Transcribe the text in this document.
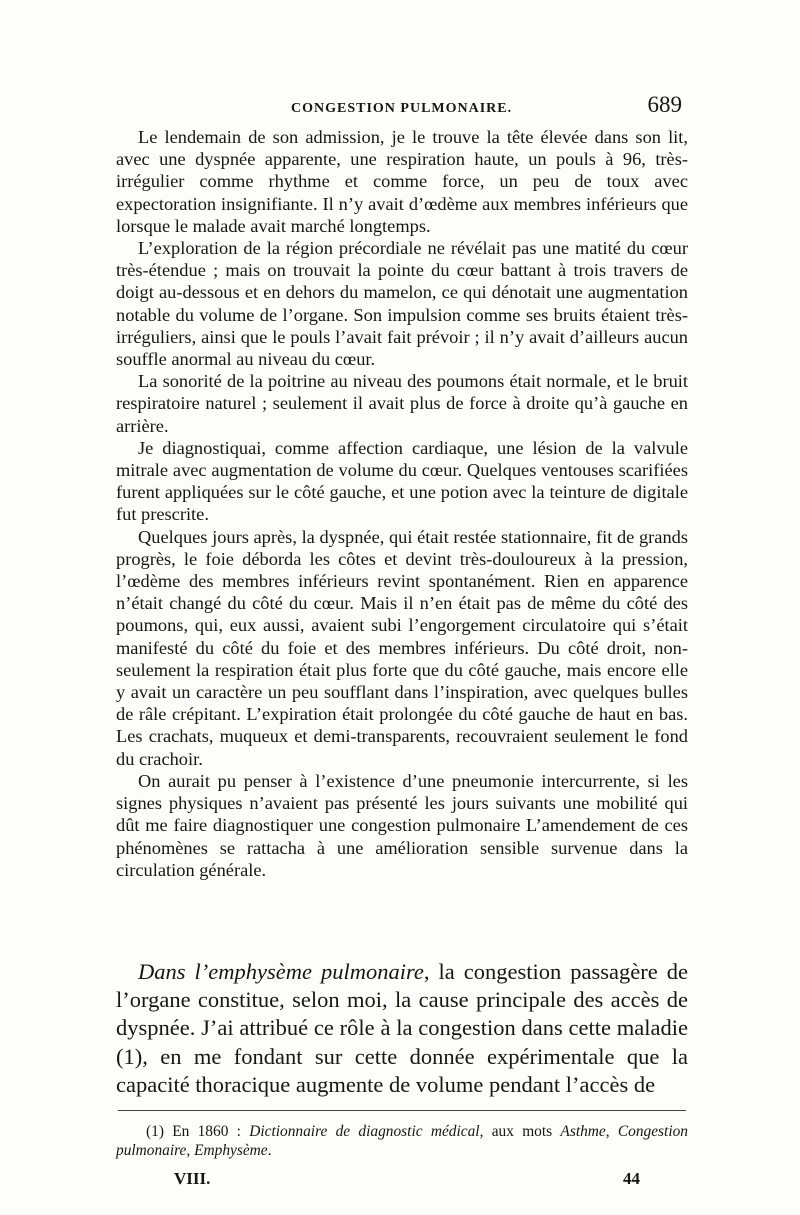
CONGESTION PULMONAIRE.	689

Le lendemain de son admission, je le trouve la tête élevée dans son lit, avec une dyspnée apparente, une respiration haute, un pouls à 96, très-irrégulier comme rhythme et comme force, un peu de toux avec expectoration insignifiante. Il n’y avait d’œdème aux membres inférieurs que lorsque le malade avait marché longtemps.

L’exploration de la région précordiale ne révélait pas une matité du cœur très-étendue ; mais on trouvait la pointe du cœur battant à trois travers de doigt au-dessous et en dehors du mamelon, ce qui dénotait une augmentation notable du volume de l’organe. Son impulsion comme ses bruits étaient très-irréguliers, ainsi que le pouls l’avait fait prévoir ; il n’y avait d’ailleurs aucun souffle anormal au niveau du cœur.

La sonorité de la poitrine au niveau des poumons était normale, et le bruit respiratoire naturel ; seulement il avait plus de force à droite qu’à gauche en arrière.

Je diagnostiquai, comme affection cardiaque, une lésion de la valvule mitrale avec augmentation de volume du cœur. Quelques ventouses scarifiées furent appliquées sur le côté gauche, et une potion avec la teinture de digitale fut prescrite.

Quelques jours après, la dyspnée, qui était restée stationnaire, fit de grands progrès, le foie déborda les côtes et devint très-douloureux à la pression, l’œdème des membres inférieurs revint spontanément. Rien en apparence n’était changé du côté du cœur. Mais il n’en était pas de même du côté des poumons, qui, eux aussi, avaient subi l’engorgement circulatoire qui s’était manifesté du côté du foie et des membres inférieurs. Du côté droit, non-seulement la respiration était plus forte que du côté gauche, mais encore elle y avait un caractère un peu soufflant dans l’inspiration, avec quelques bulles de râle crépitant. L’expiration était prolongée du côté gauche de haut en bas. Les crachats, muqueux et demi-transparents, recouvraient seulement le fond du crachoir.

On aurait pu penser à l’existence d’une pneumonie intercurrente, si les signes physiques n’avaient pas présenté les jours suivants une mobilité qui dût me faire diagnostiquer une congestion pulmonaire L’amendement de ces phénomènes se rattacha à une amélioration sensible survenue dans la circulation générale.

Dans l’emphysème pulmonaire, la congestion passagère de l’organe constitue, selon moi, la cause principale des accès de dyspnée. J’ai attribué ce rôle à la congestion dans cette maladie (1), en me fondant sur cette donnée expérimentale que la capacité thoracique augmente de volume pendant l’accès de

(1) En 1860 : Dictionnaire de diagnostic médical, aux mots Asthme, Congestion pulmonaire, Emphysème.

VIII.	44
